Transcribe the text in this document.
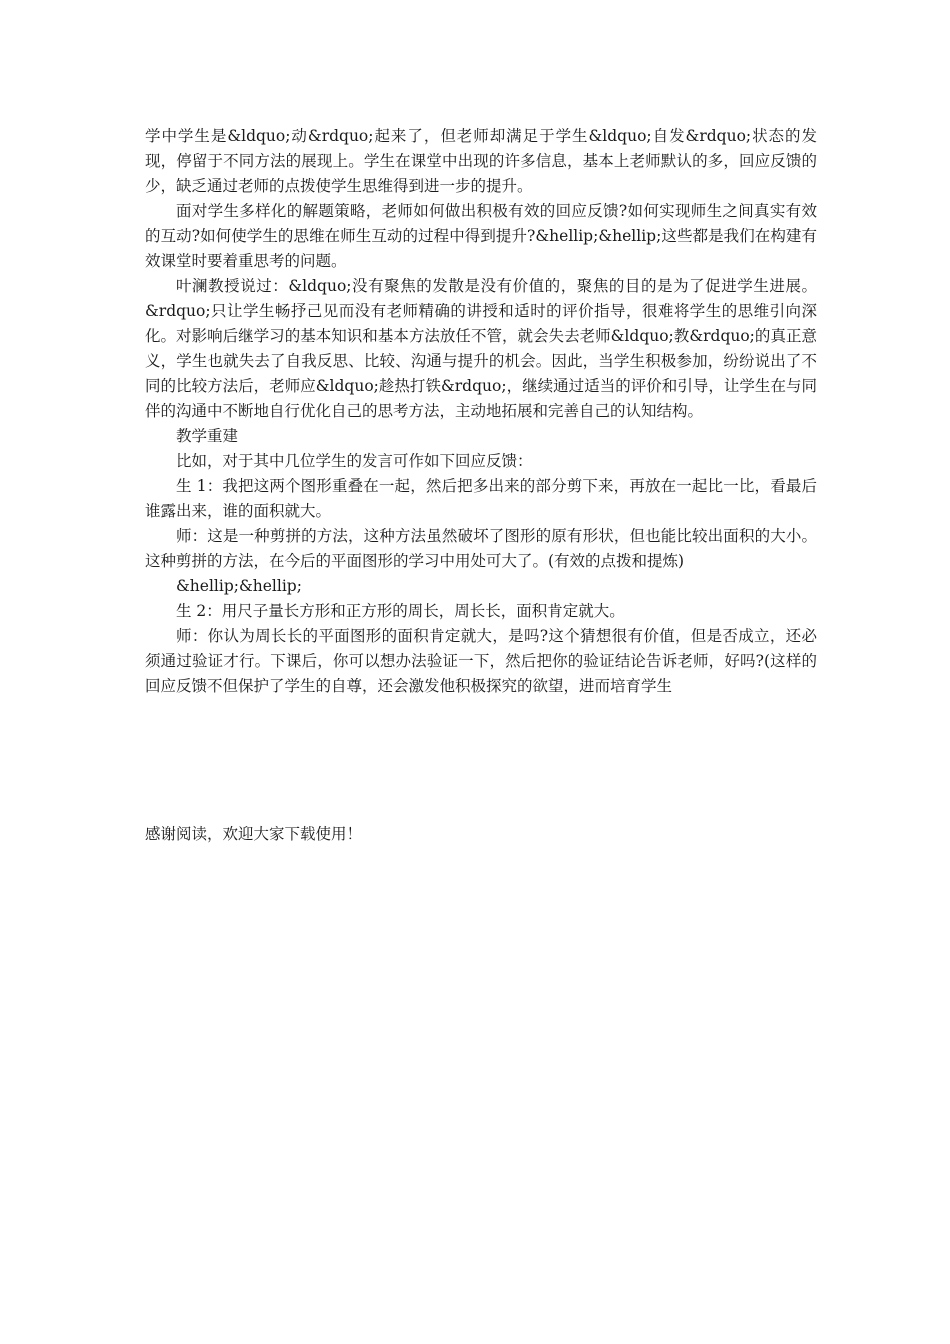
学中学生是&ldquo;动&rdquo;起来了，但老师却满足于学生&ldquo;自发&rdquo;状态的发现，停留于不同方法的展现上。学生在课堂中出现的许多信息，基本上老师默认的多，回应反馈的少，缺乏通过老师的点拨使学生思维得到进一步的提升。

面对学生多样化的解题策略，老师如何做出积极有效的回应反馈?如何实现师生之间真实有效的互动?如何使学生的思维在师生互动的过程中得到提升?&hellip;&hellip;这些都是我们在构建有效课堂时要着重思考的问题。

叶澜教授说过：&ldquo;没有聚焦的发散是没有价值的，聚焦的目的是为了促进学生进展。&rdquo;只让学生畅抒己见而没有老师精确的讲授和适时的评价指导，很难将学生的思维引向深化。对影响后继学习的基本知识和基本方法放任不管，就会失去老师&ldquo;教&rdquo;的真正意义，学生也就失去了自我反思、比较、沟通与提升的机会。因此，当学生积极参加，纷纷说出了不同的比较方法后，老师应&ldquo;趁热打铁&rdquo;，继续通过适当的评价和引导，让学生在与同伴的沟通中不断地自行优化自己的思考方法，主动地拓展和完善自己的认知结构。

教学重建

比如，对于其中几位学生的发言可作如下回应反馈：

生 1：我把这两个图形重叠在一起，然后把多出来的部分剪下来，再放在一起比一比，看最后谁露出来，谁的面积就大。

师：这是一种剪拼的方法，这种方法虽然破坏了图形的原有形状，但也能比较出面积的大小。这种剪拼的方法，在今后的平面图形的学习中用处可大了。(有效的点拨和提炼)

&hellip;&hellip;

生 2：用尺子量长方形和正方形的周长，周长长，面积肯定就大。

师：你认为周长长的平面图形的面积肯定就大，是吗?这个猜想很有价值，但是否成立，还必须通过验证才行。下课后，你可以想办法验证一下，然后把你的验证结论告诉老师，好吗?(这样的回应反馈不但保护了学生的自尊，还会激发他积极探究的欲望，进而培育学生

感谢阅读，欢迎大家下载使用！
